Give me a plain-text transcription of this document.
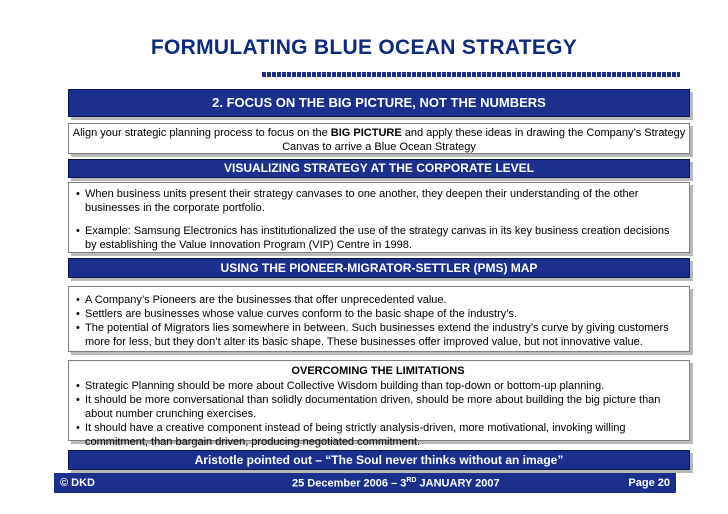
FORMULATING BLUE OCEAN STRATEGY
2. FOCUS ON THE BIG PICTURE, NOT THE NUMBERS
Align your strategic planning process to focus on the BIG PICTURE and apply these ideas in drawing the Company’s Strategy Canvas to arrive a Blue Ocean Strategy
VISUALIZING STRATEGY AT THE CORPORATE LEVEL
• When business units present their strategy canvases to one another, they deepen their understanding of the other businesses in the corporate portfolio.
• Example: Samsung Electronics has institutionalized the use of the strategy canvas in its key business creation decisions by establishing the Value Innovation Program (VIP) Centre in 1998.
USING THE PIONEER-MIGRATOR-SETTLER (PMS) MAP
• A Company’s Pioneers are the businesses that offer unprecedented value.
• Settlers are businesses whose value curves conform to the basic shape of the industry’s.
• The potential of Migrators lies somewhere in between. Such businesses extend the industry’s curve by giving customers more for less, but they don’t alter its basic shape. These businesses offer improved value, but not innovative value.
OVERCOMING THE LIMITATIONS
• Strategic Planning should be more about Collective Wisdom building than top-down or bottom-up planning.
• It should be more conversational than solidly documentation driven, should be more about building the big picture than about number crunching exercises.
• It should have a creative component instead of being strictly analysis-driven, more motivational, invoking willing commitment, than bargain driven, producing negotiated commitment.
Aristotle pointed out – “The Soul never thinks without an image”
© DKD	25 December 2006 – 3RD JANUARY 2007	Page 20
